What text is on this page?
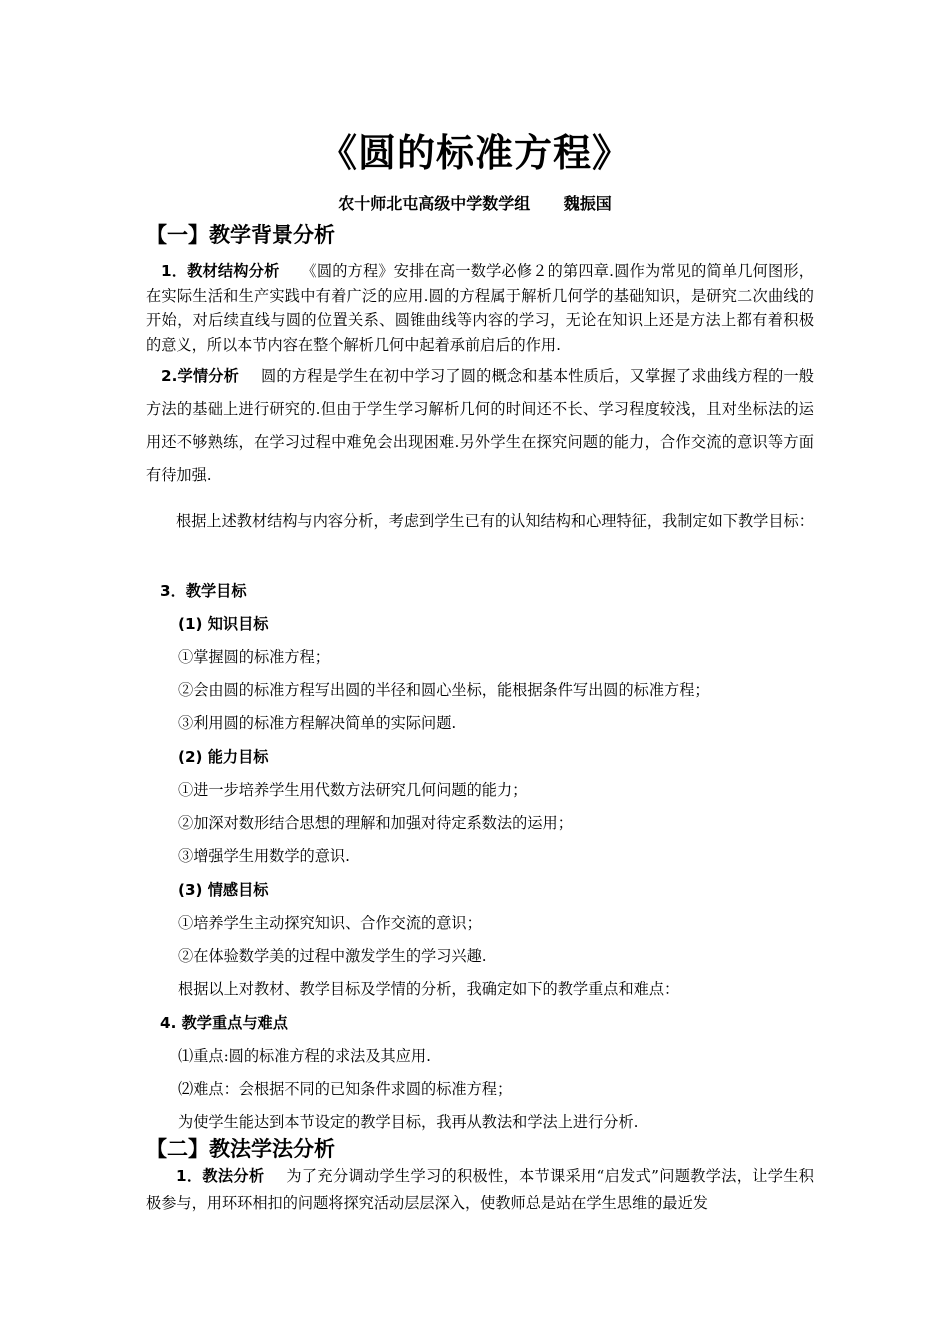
《圆的标准方程》
农十师北屯高级中学数学组      魏振国
【一】教学背景分析
1．教材结构分析 《圆的方程》安排在高一数学必修２的第四章.圆作为常见的简单几何图形，在实际生活和生产实践中有着广泛的应用.圆的方程属于解析几何学的基础知识，是研究二次曲线的开始，对后续直线与圆的位置关系、圆锥曲线等内容的学习，无论在知识上还是方法上都有着积极的意义，所以本节内容在整个解析几何中起着承前启后的作用.
2.学情分析 圆的方程是学生在初中学习了圆的概念和基本性质后，又掌握了求曲线方程的一般方法的基础上进行研究的.但由于学生学习解析几何的时间还不长、学习程度较浅，且对坐标法的运用还不够熟练，在学习过程中难免会出现困难.另外学生在探究问题的能力，合作交流的意识等方面有待加强.
根据上述教材结构与内容分析，考虑到学生已有的认知结构和心理特征，我制定如下教学目标：
3．教学目标
(1) 知识目标
①掌握圆的标准方程；
②会由圆的标准方程写出圆的半径和圆心坐标，能根据条件写出圆的标准方程；
③利用圆的标准方程解决简单的实际问题.
(2) 能力目标
①进一步培养学生用代数方法研究几何问题的能力；
②加深对数形结合思想的理解和加强对待定系数法的运用；
③增强学生用数学的意识.
(3) 情感目标
①培养学生主动探究知识、合作交流的意识；
②在体验数学美的过程中激发学生的学习兴趣.
根据以上对教材、教学目标及学情的分析，我确定如下的教学重点和难点：
4. 教学重点与难点
⑴重点:圆的标准方程的求法及其应用.
⑵难点：会根据不同的已知条件求圆的标准方程；
为使学生能达到本节设定的教学目标，我再从教法和学法上进行分析.
【二】教法学法分析
1．教法分析 为了充分调动学生学习的积极性，本节课采用“启发式”问题教学法，让学生积极参与，用环环相扣的问题将探究活动层层深入，使教师总是站在学生思维的最近发
